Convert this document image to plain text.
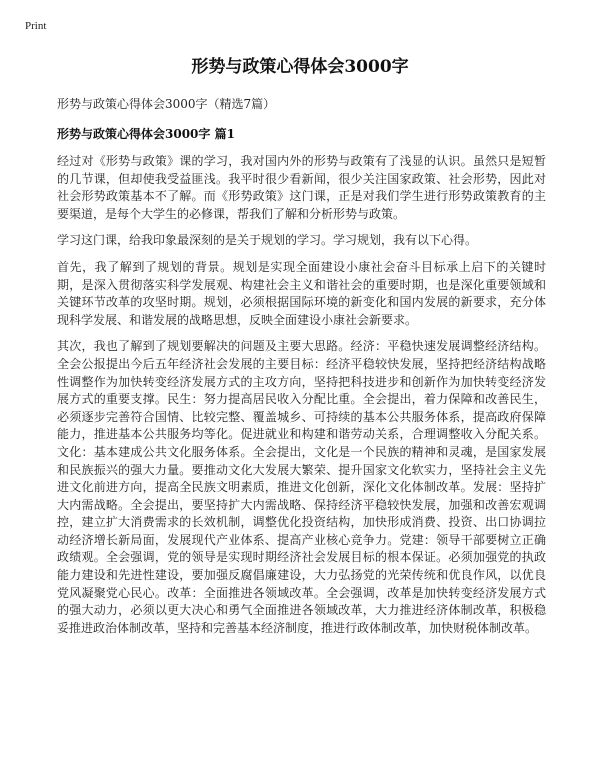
Print
形势与政策心得体会3000字
形势与政策心得体会3000字（精选7篇）
形势与政策心得体会3000字 篇1

经过对《形势与政策》课的学习，我对国内外的形势与政策有了浅显的认识。虽然只是短暂的几节课，但却使我受益匪浅。我平时很少看新闻，很少关注国家政策、社会形势，因此对社会形势政策基本不了解。而《形势政策》这门课，正是对我们学生进行形势政策教育的主要渠道，是每个大学生的必修课，帮我们了解和分析形势与政策。

学习这门课，给我印象最深刻的是关于规划的学习。学习规划，我有以下心得。

首先，我了解到了规划的背景。规划是实现全面建设小康社会奋斗目标承上启下的关键时期，是深入贯彻落实科学发展观、构建社会主义和谐社会的重要时期，也是深化重要领域和关键环节改革的攻坚时期。规划，必须根据国际环境的新变化和国内发展的新要求，充分体现科学发展、和谐发展的战略思想，反映全面建设小康社会新要求。

其次，我也了解到了规划要解决的问题及主要大思路。经济：平稳快速发展调整经济结构。全会公报提出今后五年经济社会发展的主要目标：经济平稳较快发展，坚持把经济结构战略性调整作为加快转变经济发展方式的主攻方向，坚持把科技进步和创新作为加快转变经济发展方式的重要支撑。民生：努力提高居民收入分配比重。全会提出，着力保障和改善民生，必须逐步完善符合国情、比较完整、覆盖城乡、可持续的基本公共服务体系，提高政府保障能力，推进基本公共服务均等化。促进就业和构建和谐劳动关系，合理调整收入分配关系。文化：基本建成公共文化服务体系。全会提出，文化是一个民族的精神和灵魂，是国家发展和民族振兴的强大力量。要推动文化大发展大繁荣、提升国家文化软实力，坚持社会主义先进文化前进方向，提高全民族文明素质，推进文化创新，深化文化体制改革。发展：坚持扩大内需战略。全会提出，要坚持扩大内需战略、保持经济平稳较快发展，加强和改善宏观调控，建立扩大消费需求的长效机制，调整优化投资结构，加快形成消费、投资、出口协调拉动经济增长新局面，发展现代产业体系、提高产业核心竞争力。党建：领导干部要树立正确政绩观。全会强调，党的领导是实现时期经济社会发展目标的根本保证。必须加强党的执政能力建设和先进性建设，要加强反腐倡廉建设，大力弘扬党的光荣传统和优良作风，以优良党风凝聚党心民心。改革：全面推进各领域改革。全会强调，改革是加快转变经济发展方式的强大动力，必须以更大决心和勇气全面推进各领域改革，大力推进经济体制改革，积极稳妥推进政治体制改革，坚持和完善基本经济制度，推进行政体制改革，加快财税体制改革。
